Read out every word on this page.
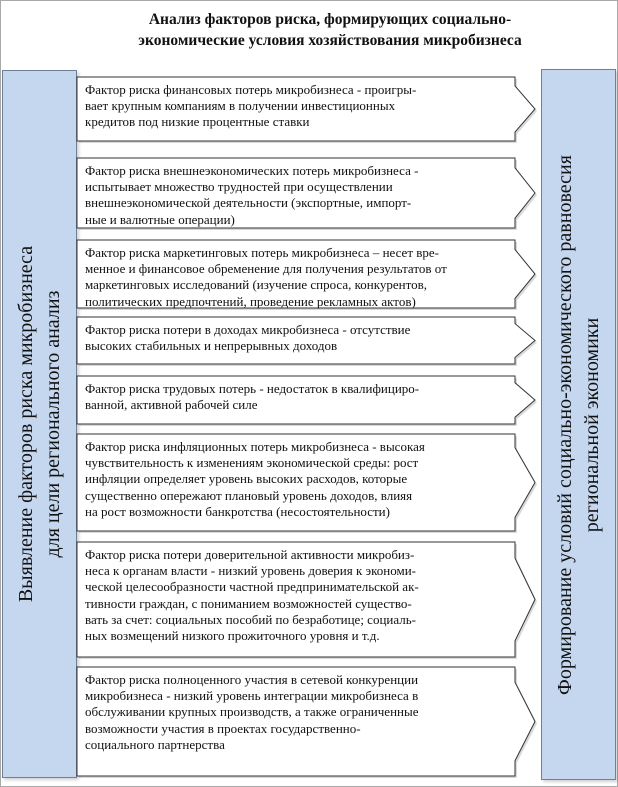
Анализ факторов риска, формирующих социально-
экономические условия хозяйствования микробизнеса
Выявление факторов риска микробизнеса для цели регионального анализ	Формирование условий социально-экономического равновесия региональной экономики
Фактор риска финансовых потерь микробизнеса - проигры-
вает крупным компаниям в получении инвестиционных
кредитов под низкие процентные ставки
Фактор риска внешнеэкономических потерь микробизнеса -
испытывает множество трудностей при осуществлении
внешнеэкономической деятельности (экспортные, импорт-
ные и валютные операции)
Фактор риска маркетинговых потерь микробизнеса – несет вре-
менное и финансовое обременение для получения результатов от
маркетинговых исследований (изучение спроса, конкурентов,
политических предпочтений, проведение рекламных актов)
Фактор риска потери в доходах микробизнеса - отсутствие
высоких стабильных и непрерывных доходов
Фактор риска трудовых потерь - недостаток в квалифициро-
ванной, активной рабочей силе
Фактор риска инфляционных потерь микробизнеса - высокая
чувствительность к изменениям экономической среды: рост
инфляции определяет уровень высоких расходов, которые
существенно опережают плановый уровень доходов, влияя
на рост возможности банкротства (несостоятельности)
Фактор риска потери доверительной активности микробиз-
неса к органам власти - низкий уровень доверия к экономи-
ческой целесообразности частной предпринимательской ак-
тивности граждан, с пониманием возможностей существо-
вать за счет: социальных пособий по безработице; социаль-
ных возмещений низкого прожиточного уровня и т.д.
Фактор риска полноценного участия в сетевой конкуренции
микробизнеса - низкий уровень интеграции микробизнеса в
обслуживании крупных производств, а также ограниченные
возможности участия в проектах государственно-
социального партнерства
